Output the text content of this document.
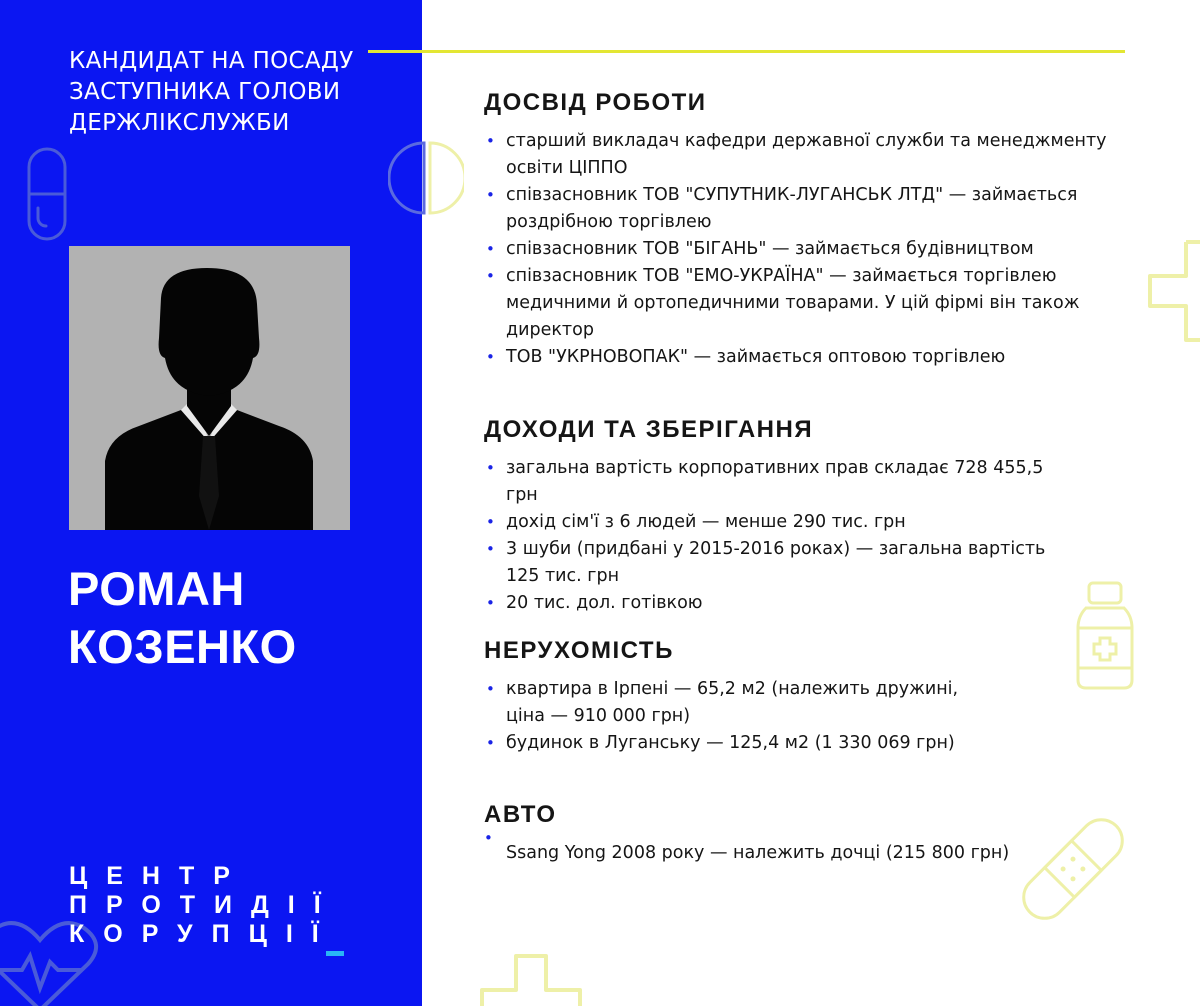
КАНДИДАТ НА ПОСАДУ
ЗАСТУПНИКА ГОЛОВИ
ДЕРЖЛІКСЛУЖБИ
РОМАН
КОЗЕНКО
ЦЕНТР
ПРОТИДІЇ
КОРУПЦІЇ
ДОСВІД РОБОТИ
• старший викладач кафедри державної служби та менеджменту освіти ЦІППО
• співзасновник ТОВ "СУПУТНИК-ЛУГАНСЬК ЛТД" — займається роздрібною торгівлею
• співзасновник ТОВ "БІГАНЬ" — займається будівництвом
• співзасновник ТОВ "ЕМО-УКРАЇНА" — займається торгівлею медичними й ортопедичними товарами. У цій фірмі він також директор
• ТОВ "УКРНОВОПАК" — займається оптовою торгівлею
ДОХОДИ ТА ЗБЕРІГАННЯ
• загальна вартість корпоративних прав складає 728 455,5 грн
• дохід сім'ї з 6 людей — менше 290 тис. грн
• 3 шуби (придбані у 2015-2016 роках) — загальна вартість 125 тис. грн
• 20 тис. дол. готівкою
НЕРУХОМІСТЬ
• квартира в Ірпені — 65,2 м2 (належить дружині, ціна — 910 000 грн)
• будинок в Луганську — 125,4 м2 (1 330 069 грн)
АВТО
•
Ssang Yong 2008 року — належить дочці (215 800 грн)
